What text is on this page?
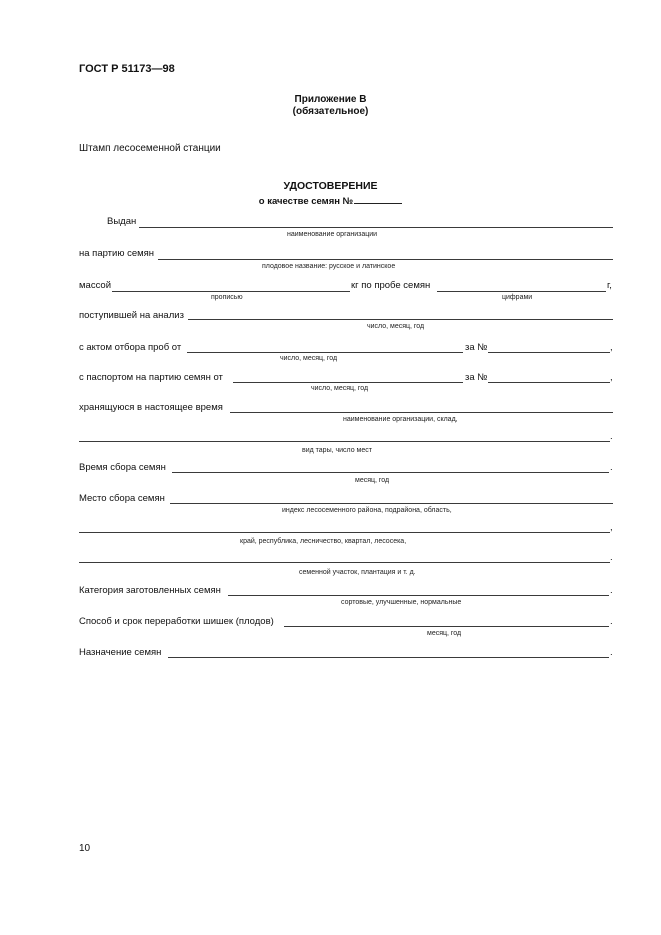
ГОСТ Р 51173—98
Приложение В
(обязательное)
Штамп лесосеменной станции
УДОСТОВЕРЕНИЕ
о качестве семян №
Выдан
наименование организации
на партию семян
плодовое название: русское и латинское
массой	кг по пробе семян	г,
прописью	цифрами
поступившей на анализ
число, месяц, год
с актом отбора проб от	за №	,
число, месяц, год
с паспортом на партию семян от	за №	,
число, месяц, год
хранящуюся в настоящее время
наименование организации, склад,
.
вид тары, число мест
Время сбора семян	.
месяц, год
Место сбора семян
индекс лесосеменного района, подрайона, область,
,
край, республика, лесничество, квартал, лесосека,
.
семенной участок, плантация и т. д.
Категория заготовленных семян	.
сортовые, улучшенные, нормальные
Способ и срок переработки шишек (плодов)	.
месяц, год
Назначение семян	.
10
